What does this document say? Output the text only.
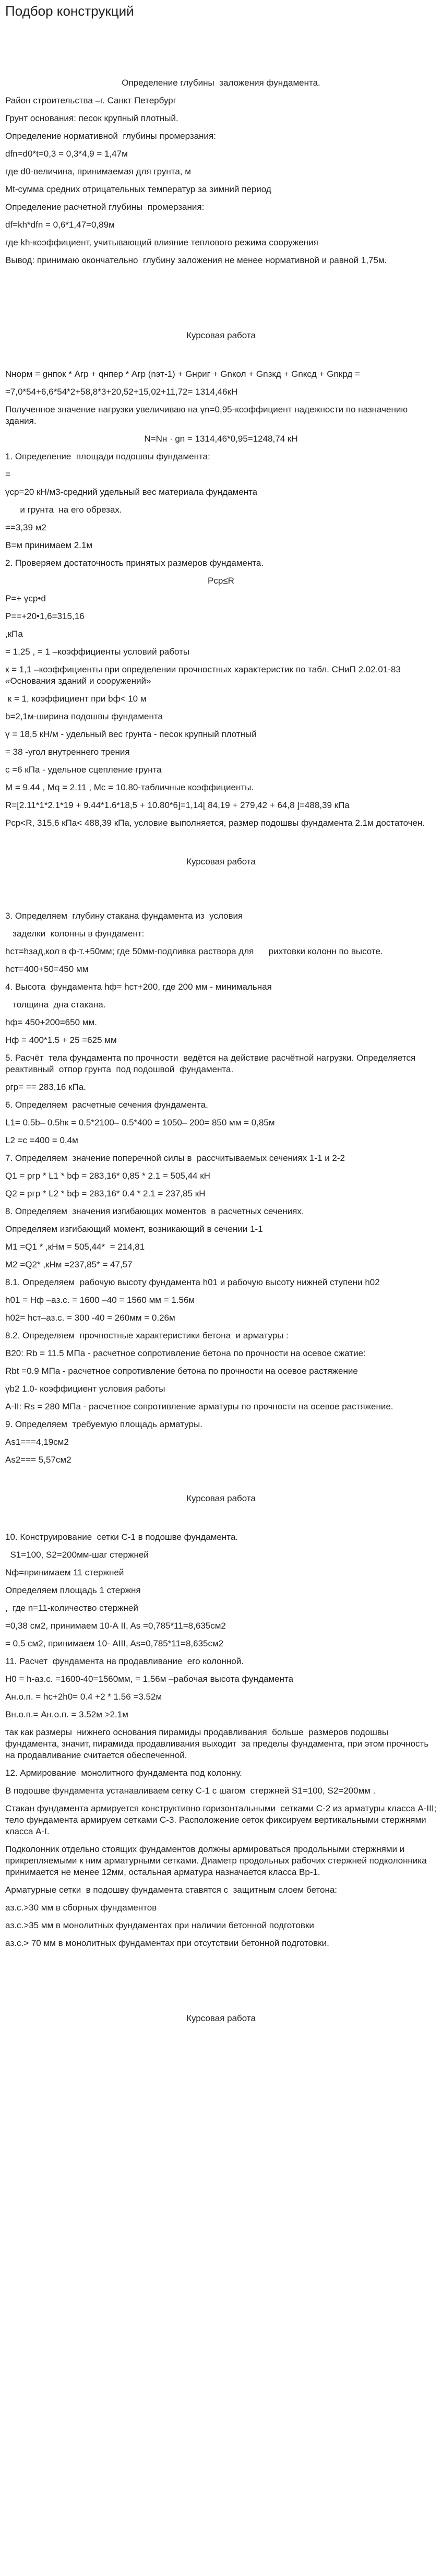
Подбор конструкций
Определение глубины  заложения фундамента.
Район строительства –г. Санкт Петербург
Грунт основания: песок крупный плотный.
Определение нормативной  глубины промерзания:
dfn=d0*t=0,3 = 0,3*4,9 = 1,47м
где d0-величина, принимаемая для грунта, м
Mt-сумма средних отрицательных температур за зимний период
Определение расчетной глубины  промерзания:
df=kh*dfn = 0,6*1,47=0,89м
где kh-коэффициент, учитывающий влияние теплового режима сооружения
Вывод: принимаю окончательно  глубину заложения не менее нормативной и равной 1,75м.
Курсовая работа
Nнорм = gнпок * Aгр + qнпер * Aгр (nэт-1) + Gнриг + Gnкол + Gnзкд + Gnксд + Gnкрд =
=7,0*54+6,6*54*2+58,8*3+20,52+15,02+11,72= 1314,46кН
Полученное значение нагрузки увеличиваю на γn=0,95-коэффициент надежности по назначению здания.
N=Nн · gn = 1314,46*0,95=1248,74 кН
1. Определение  площади подошвы фундамента:
=
γср=20 кН/м3-средний удельный вес материала фундамента
и грунта  на его обрезах.
==3,39 м2
В=м принимаем 2.1м
2. Проверяем достаточность принятых размеров фундамента.
Pср≤R
P=+ γср•d
P==+20•1,6=315,16
,кПа
= 1,25 , = 1 –коэффициенты условий работы
к = 1,1 –коэффициенты при определении прочностных характеристик по табл. СНиП 2.02.01-83 «Основания зданий и сооружений»
к = 1, коэффициент при bф< 10 м
b=2,1м-ширина подошвы фундамента
γ = 18,5 кН/м - удельный вес грунта - песок крупный плотный
= 38 -угол внутреннего трения
с =6 кПа - удельное сцепление грунта
M = 9.44 , Mq = 2.11 , Mс = 10.80-табличные коэффициенты.
R=[2.11*1*2.1*19 + 9.44*1.6*18,5 + 10.80*6]=1,14[ 84,19 + 279,42 + 64,8 ]=488,39 кПа
Pср<R, 315,6 кПа< 488,39 кПа, условие выполняется, размер подошвы фундамента 2.1м достаточен.
Курсовая работа
3. Определяем  глубину стакана фундамента из  условия
заделки  колонны в фундамент:
hст=hзад,кол в ф-т.+50мм; где 50мм-подливка раствора для      рихтовки колонн по высоте.
hст=400+50=450 мм
4. Высота  фундамента hф= hст+200, где 200 мм - минимальная
толщина  дна стакана.
hф= 450+200=650 мм.
Hф = 400*1.5 + 25 =625 мм
5. Расчёт  тела фундамента по прочности  ведётся на действие расчётной нагрузки. Определяется реактивный  отпор грунта  под подошвой  фундамента.
pгр= == 283,16 кПа.
6. Определяем  расчетные сечения фундамента.
L1= 0.5b– 0.5hк = 0.5*2100– 0.5*400 = 1050– 200= 850 мм = 0,85м
L2 =c =400 = 0,4м
7. Определяем  значение поперечной силы в  рассчитываемых сечениях 1-1 и 2-2
Q1 = pгр * L1 * bф = 283,16* 0,85 * 2.1 = 505,44 кН
Q2 = pгр * L2 * bф = 283,16* 0.4 * 2.1 = 237,85 кН
8. Определяем  значения изгибающих моментов  в расчетных сечениях.
Определяем изгибающий момент, возникающий в сечении 1-1
M1 =Q1 * ,кНм = 505,44*  = 214,81
M2 =Q2* ,кНм =237,85* = 47,57
8.1. Определяем  рабочую высоту фундамента h01 и рабочую высоту нижней ступени h02
h01 = Hф –aз.с. = 1600 –40 = 1560 мм = 1.56м
h02= hст–aз.с. = 300 -40 = 260мм = 0.26м
8.2. Определяем  прочностные характеристики бетона  и арматуры :
B20: Rb = 11.5 МПа - расчетное сопротивление бетона по прочности на осевое сжатие:
Rbt =0.9 МПа - расчетное сопротивление бетона по прочности на осевое растяжение
γb2 1.0- коэффициент условия работы
А-II: Rs = 280 МПа - расчетное сопротивление арматуры по прочности на осевое растяжение.
9. Определяем  требуемую площадь арматуры.
As1===4,19см2
As2=== 5,57см2
Курсовая работа
10. Конструирование  сетки С-1 в подошве фундамента.
S1=100, S2=200мм-шаг стержней
Nф=принимаем 11 стержней
Определяем площадь 1 стержня
,  где n=11-количество стержней
=0,38 см2, принимаем 10-А II, As =0,785*11=8,635см2
= 0,5 см2, принимаем 10- AIII, As=0,785*11=8,635см2
11. Расчет  фундамента на продавливание  его колонной.
H0 = h-aз.с. =1600-40=1560мм, = 1.56м –рабочая высота фундамента
Aн.о.п. = hс+2h0= 0.4 +2 * 1.56 =3.52м
Bн.о.п.= Aн.о.п. = 3.52м >2.1м
так как размеры  нижнего основания пирамиды продавливания  больше  размеров подошвы фундамента, значит, пирамида продавливания выходит  за пределы фундамента, при этом прочность на продавливание считается обеспеченной.
12. Армирование  монолитного фундамента под колонну.
В подошве фундамента устанавливаем сетку С-1 с шагом  стержней S1=100, S2=200мм .
Стакан фундамента армируется конструктивно горизонтальными  сетками С-2 из арматуры класса А-III; тело фундамента армируем сетками С-3. Расположение сеток фиксируем вертикальными стержнями класса А-I.
Подколонник отдельно стоящих фундаментов должны армироваться продольными стержнями и прикрепляемыми к ним арматурными сетками. Диаметр продольных рабочих стержней подколонника принимается не менее 12мм, остальная арматура назначается класса Вр-1.
Арматурные сетки  в подошву фундамента ставятся с  защитным слоем бетона:
aз.с.>30 мм в сборных фундаментов
aз.с.>35 мм в монолитных фундаментах при наличии бетонной подготовки
aз.с.> 70 мм в монолитных фундаментах при отсутствии бетонной подготовки.
Курсовая работа
